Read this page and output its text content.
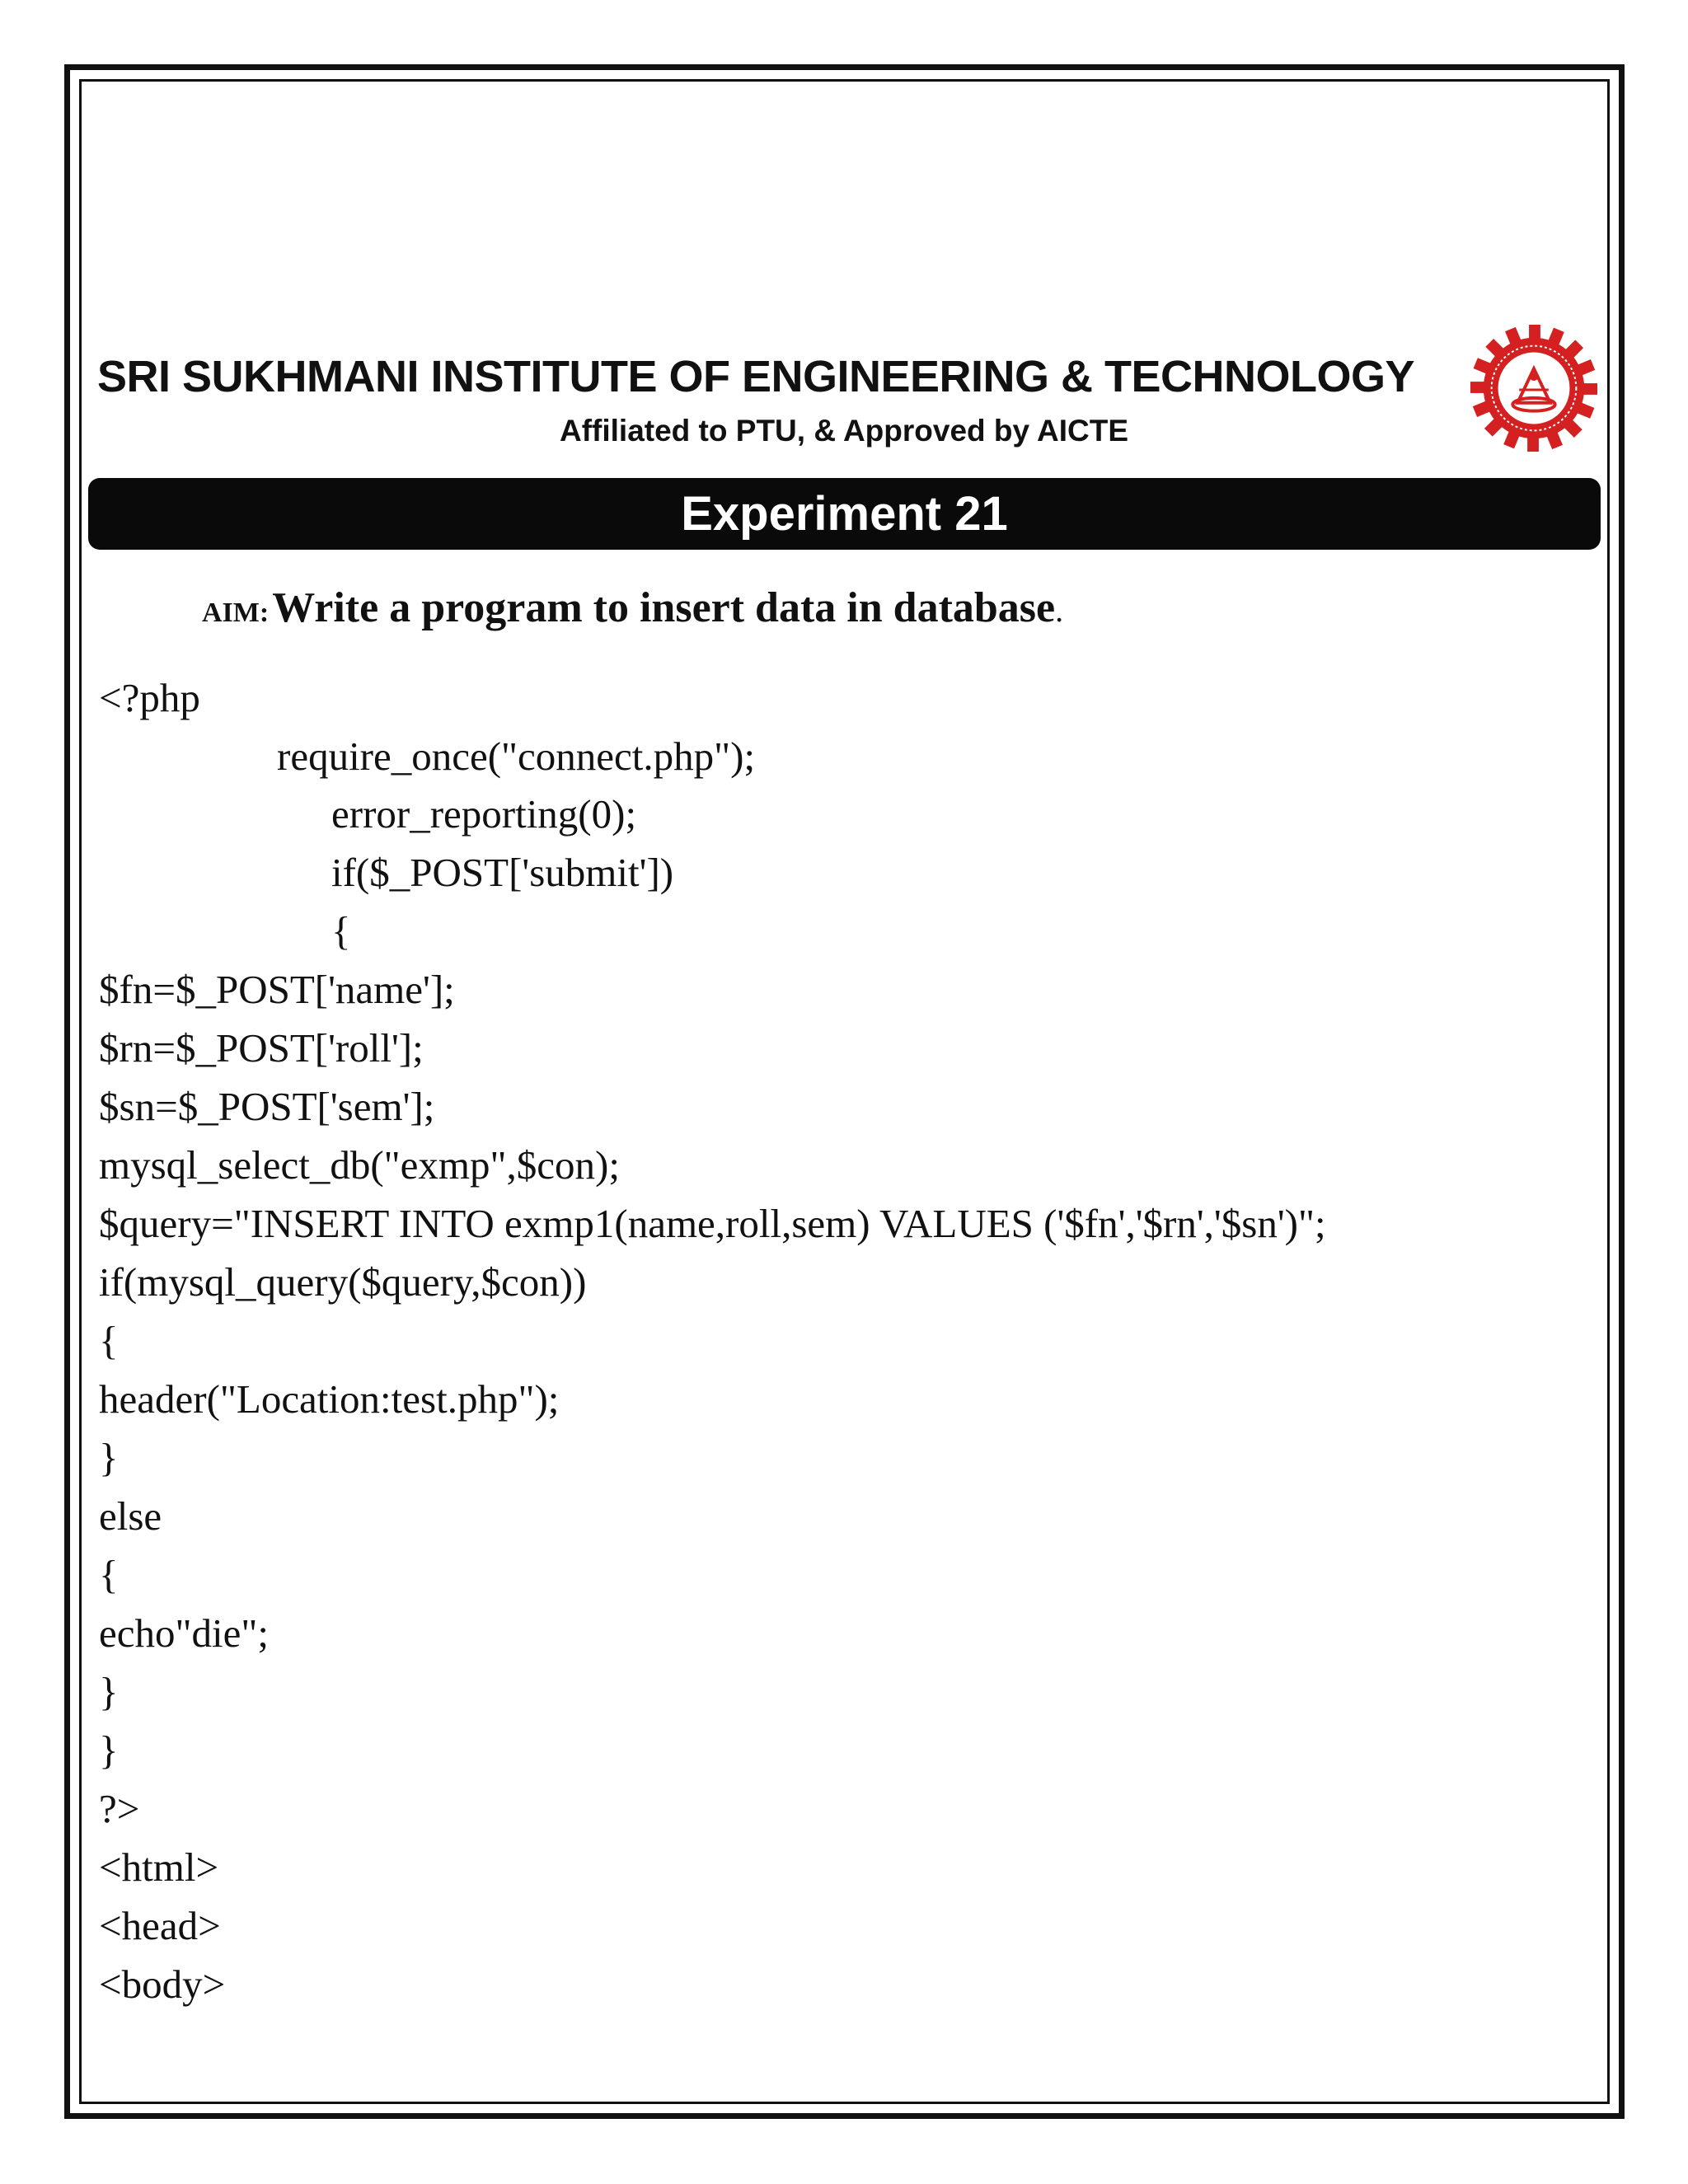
SRI SUKHMANI INSTITUTE OF ENGINEERING & TECHNOLOGY
Affiliated to PTU, & Approved by AICTE
Experiment 21
AIM: Write a program to insert data in database.
<?php
require_once("connect.php");
error_reporting(0);
if($_POST['submit'])
{
$fn=$_POST['name'];
$rn=$_POST['roll'];
$sn=$_POST['sem'];
mysql_select_db("exmp",$con);
$query="INSERT INTO exmp1(name,roll,sem) VALUES ('$fn','$rn','$sn')";
if(mysql_query($query,$con))
{
header("Location:test.php");
}
else
{
echo"die";
}
}
?>
<html>
<head>
<body>
